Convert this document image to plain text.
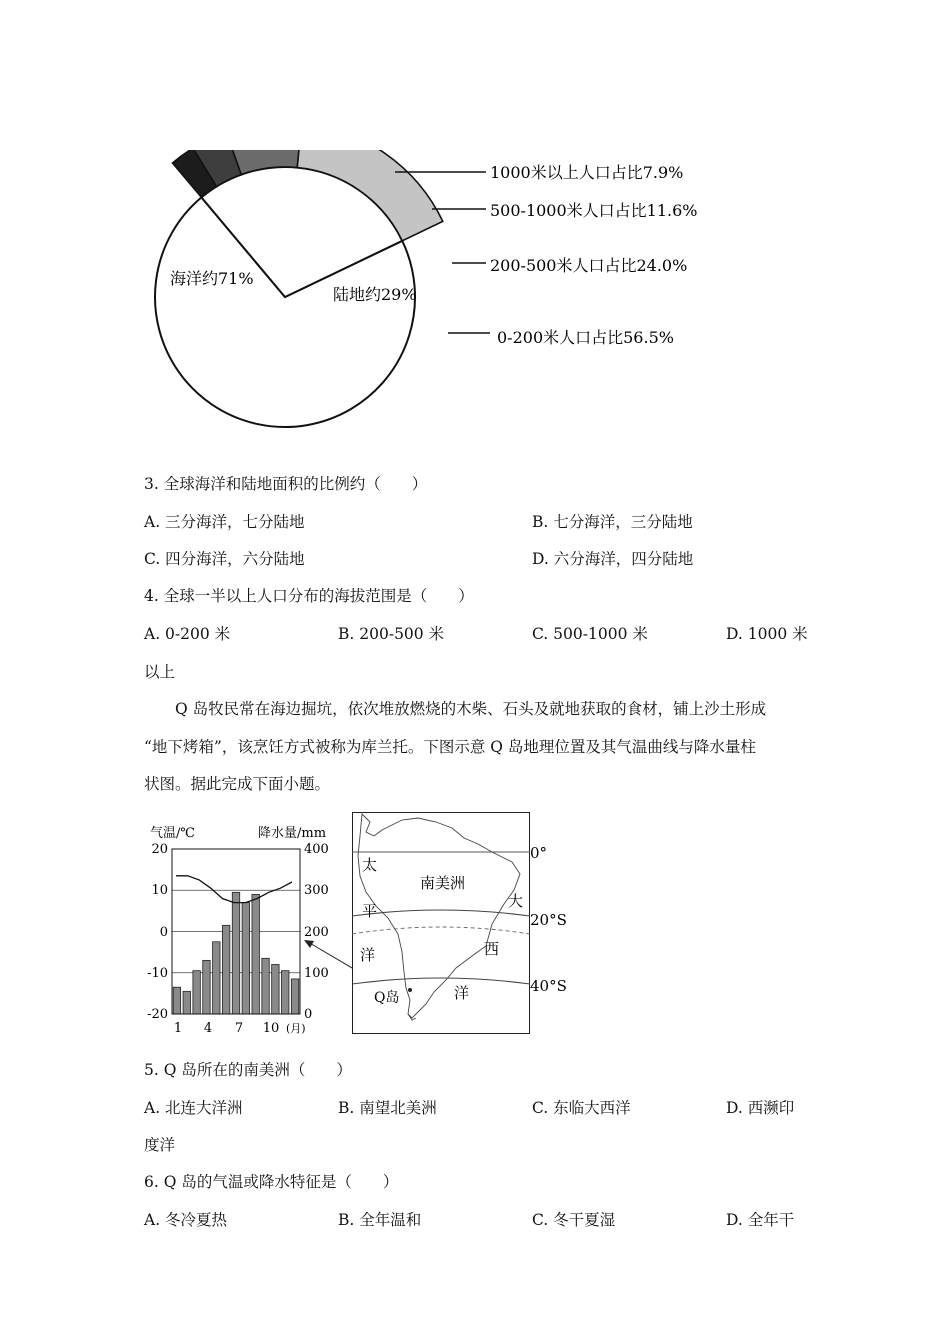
海洋约71%
陆地约29%
1000米以上人口占比7.9%
500-1000米人口占比11.6%
200-500米人口占比24.0%
0-200米人口占比56.5%
3. 全球海洋和陆地面积的比例约（　　）
A. 三分海洋，七分陆地	B. 七分海洋，三分陆地
C. 四分海洋，六分陆地	D. 六分海洋，四分陆地
4. 全球一半以上人口分布的海拔范围是（　　）
A. 0-200 米	B. 200-500 米	C. 500-1000 米	D. 1000 米
以上
Q 岛牧民常在海边掘坑，依次堆放燃烧的木柴、石头及就地获取的食材，铺上沙土形成
“地下烤箱”，该烹饪方式被称为库兰托。下图示意 Q 岛地理位置及其气温曲线与降水量柱
状图。据此完成下面小题。
气温/℃	降水量/mm
20
10
0
-10
-20
400
300
200
100
0
1 4 7 10 (月)
南美洲
太
平
洋
大
西
洋
Q岛
0°
20°S
40°S
5. Q 岛所在的南美洲（　　）
A. 北连大洋洲	B. 南望北美洲	C. 东临大西洋	D. 西濒印
度洋
6. Q 岛的气温或降水特征是（　　）
A. 冬冷夏热	B. 全年温和	C. 冬干夏湿	D. 全年干
